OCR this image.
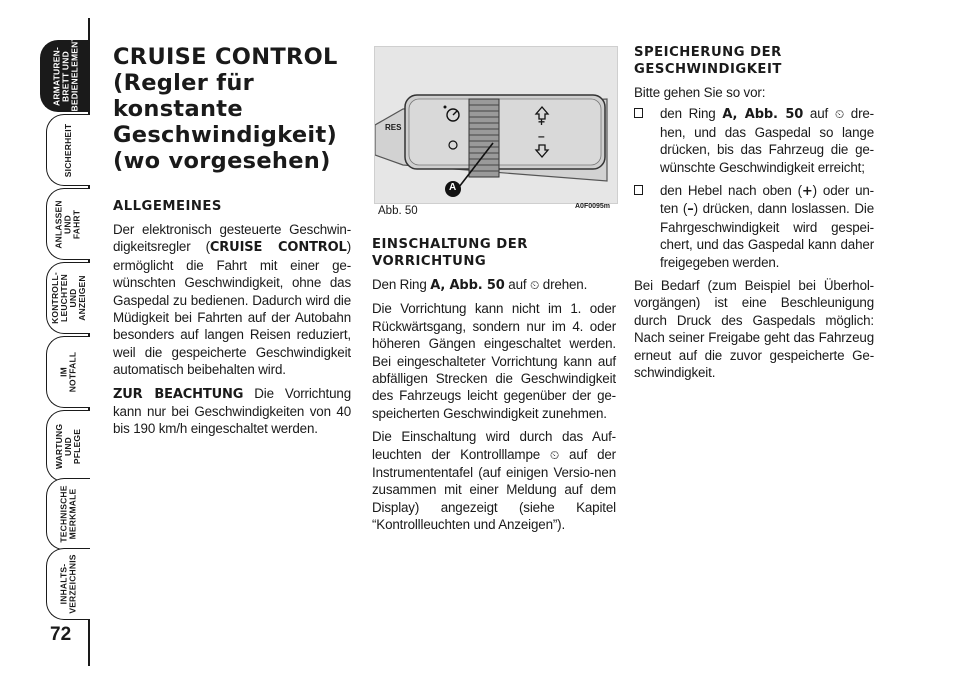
ARMATUREN-
BRETT UND
BEDIENELEMENTE
SICHERHEIT
ANLASSEN
UND FAHRT
KONTROLL-
LEUCHTEN
UND ANZEIGEN
IM NOTFALL
WARTUNG
UND PFLEGE
TECHNISCHE
MERKMALE
INHALTS-
VERZEICHNIS
72
CRUISE CONTROL
(Regler für
konstante
Geschwindigkeit)
(wo vorgesehen)
ALLGEMEINES

Der elektronisch gesteuerte Geschwin-digkeitsregler (CRUISE CONTROL) ermöglicht die Fahrt mit einer ge-wünschten Geschwindigkeit, ohne das Gaspedal zu bedienen. Dadurch wird die Müdigkeit bei Fahrten auf der Autobahn besonders auf langen Reisen reduziert, weil die gespeicherte Geschwindigkeit automatisch beibehalten wird.

ZUR BEACHTUNG Die Vorrichtung kann nur bei Geschwindigkeiten von 40 bis 190 km/h eingeschaltet werden.

RES	+
–
A
Abb. 50	A0F0095m
EINSCHALTUNG DER
VORRICHTUNG

Den Ring A, Abb. 50 auf ⏲ drehen.

Die Vorrichtung kann nicht im 1. oder Rückwärtsgang, sondern nur im 4. oder höheren Gängen eingeschaltet werden. Bei eingeschalteter Vorrichtung kann auf abfälligen Strecken die Geschwindigkeit des Fahrzeugs leicht gegenüber der ge-speicherten Geschwindigkeit zunehmen.

Die Einschaltung wird durch das Auf-leuchten der Kontrolllampe ⏲ auf der Instrumententafel (auf einigen Versio-nen zusammen mit einer Meldung auf dem Display) angezeigt (siehe Kapitel “Kontrollleuchten und Anzeigen”).

SPEICHERUNG DER
GESCHWINDIGKEIT

Bitte gehen Sie so vor:

den Ring A, Abb. 50 auf ⏲ dre-hen, und das Gaspedal so lange drücken, bis das Fahrzeug die ge-wünschte Geschwindigkeit erreicht;

den Hebel nach oben (+) oder un-ten (–) drücken, dann loslassen. Die Fahrgeschwindigkeit wird gespei-chert, und das Gaspedal kann daher freigegeben werden.

Bei Bedarf (zum Beispiel bei Überhol-vorgängen) ist eine Beschleunigung durch Druck des Gaspedals möglich: Nach seiner Freigabe geht das Fahrzeug erneut auf die zuvor gespeicherte Ge-schwindigkeit.
